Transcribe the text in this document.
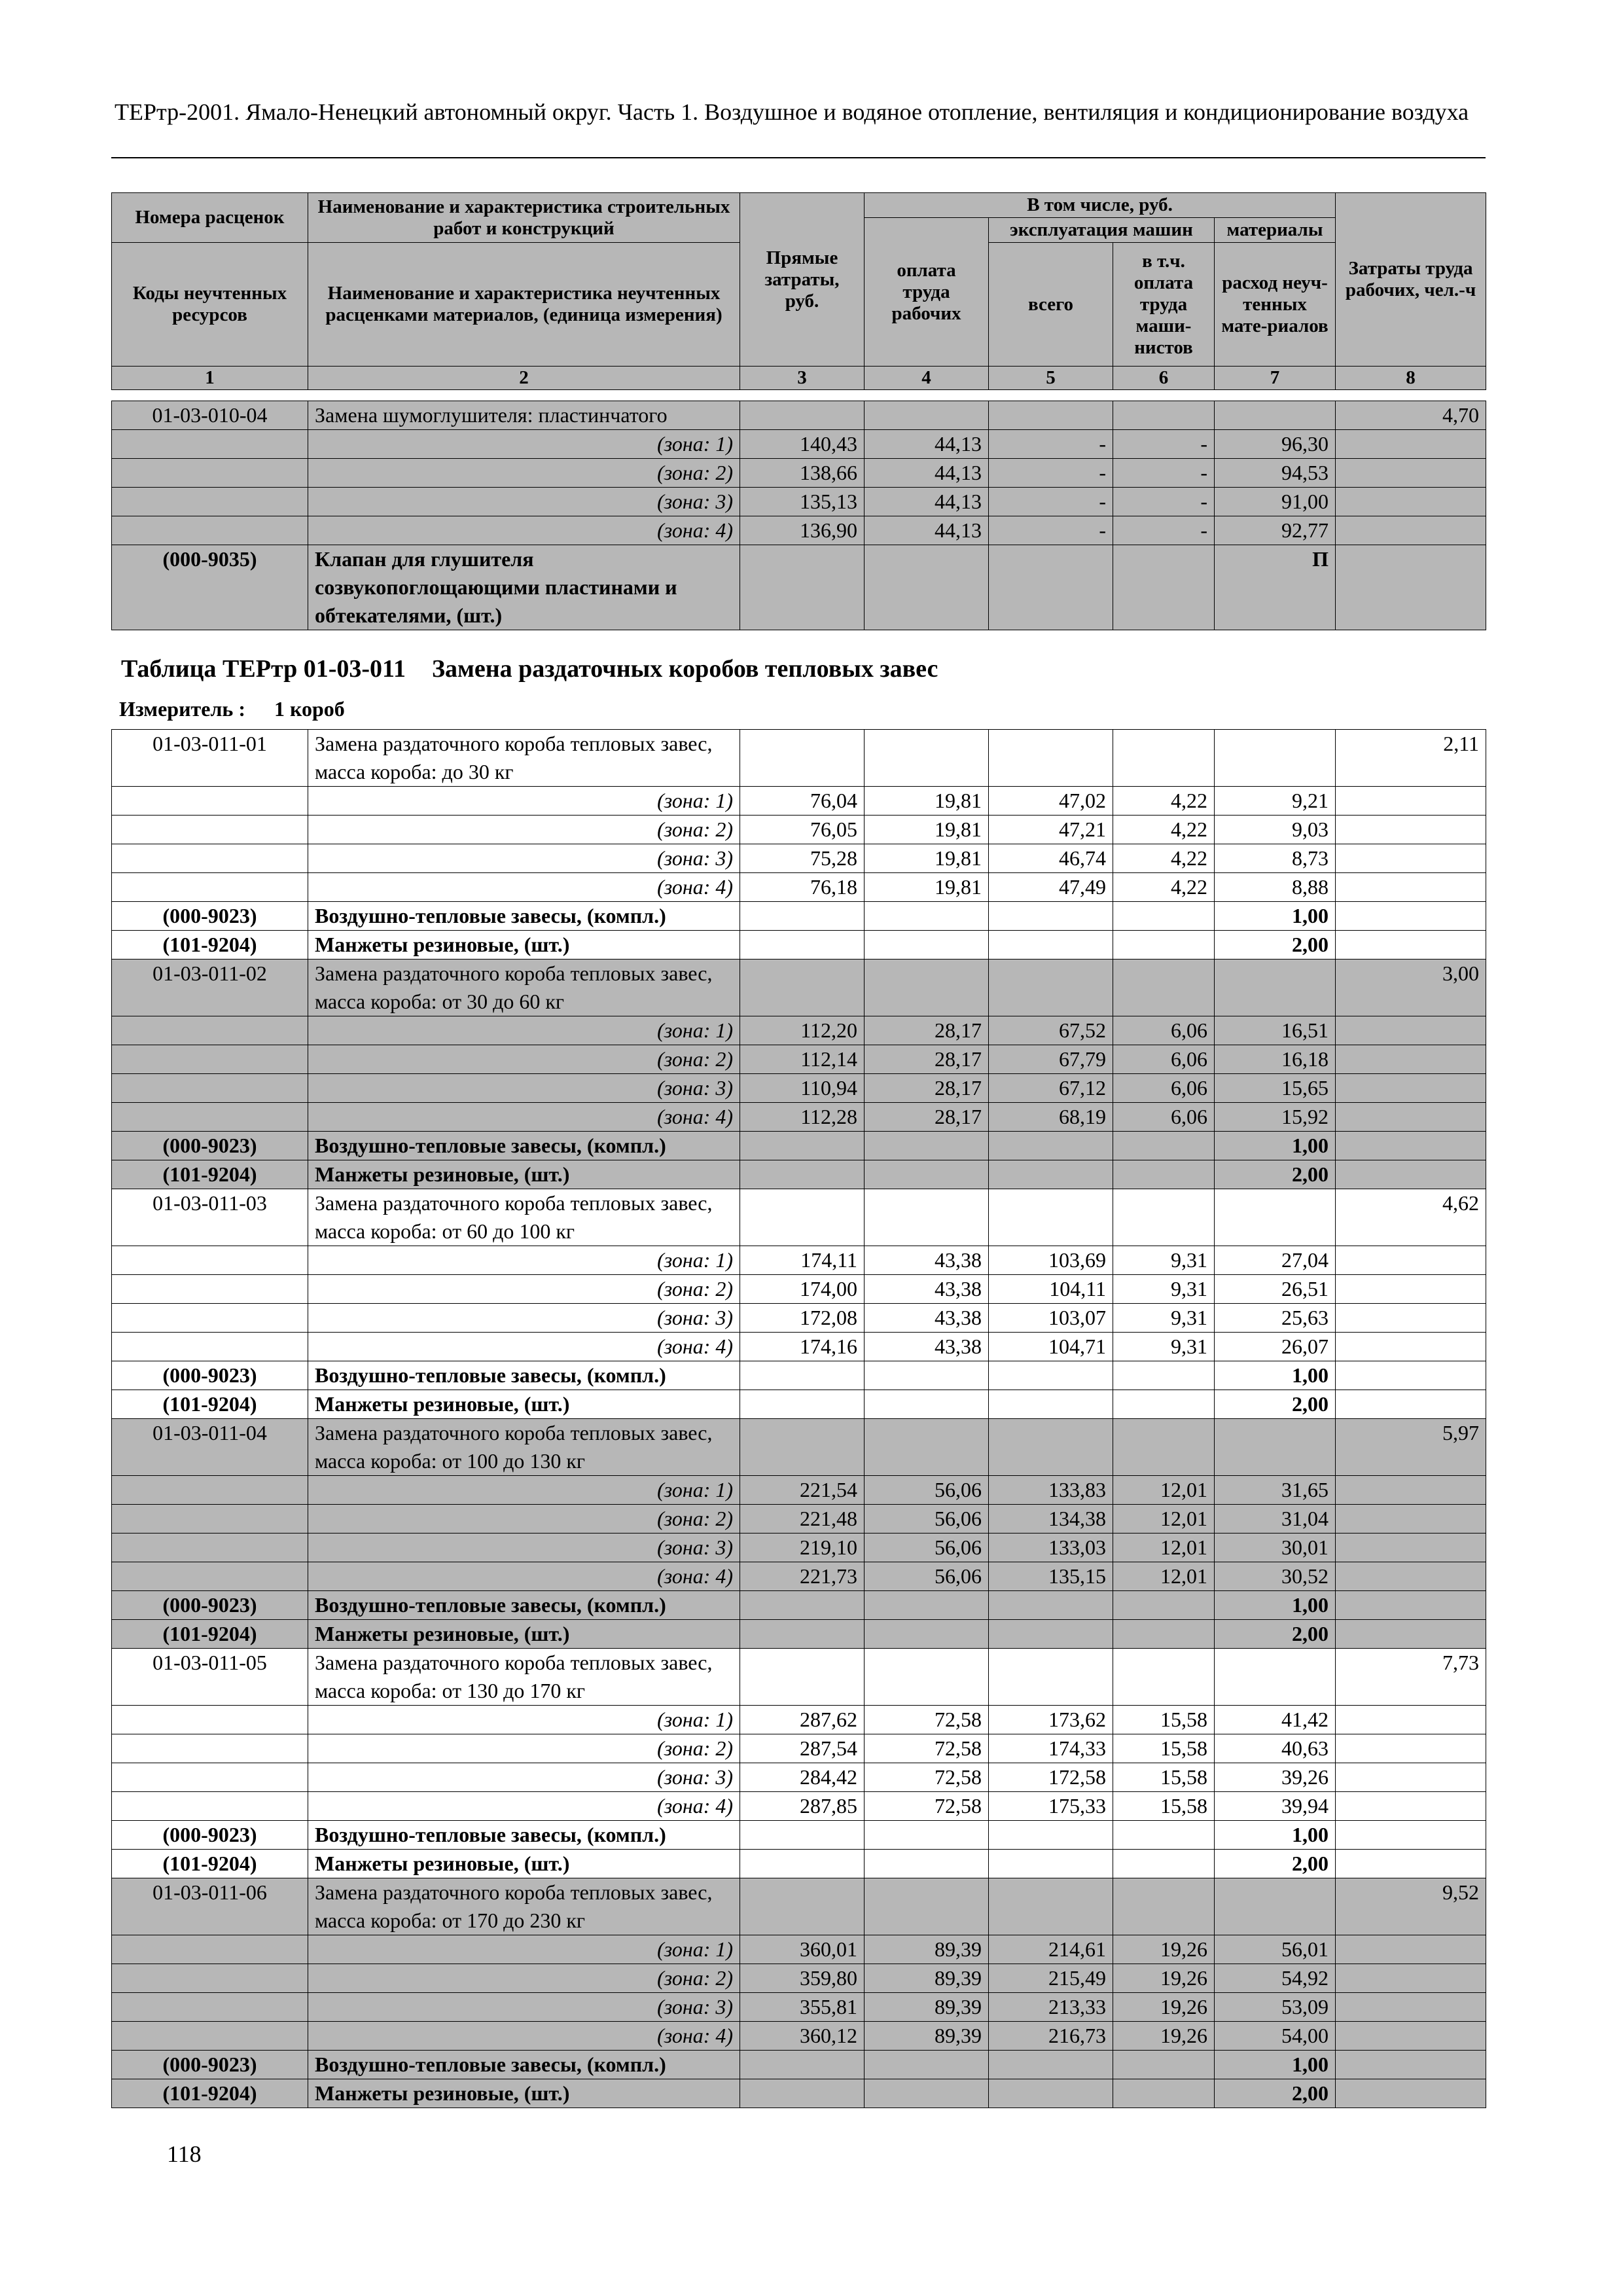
ТЕРтр-2001. Ямало-Ненецкий автономный округ. Часть 1. Воздушное и водяное отопление, вентиляция и кондиционирование воздуха
Номера расценок	Наименование и характеристика строительных работ и конструкций	Прямые затраты, руб.	В том числе, руб.				Затраты труда рабочих, чел.-ч
			оплата труда рабочих	эксплуатация машин		материалы	
Коды неучтенных ресурсов	Наименование и характеристика неучтенных расценками материалов, (единица измерения)			всего	в т.ч. оплата труда маши-нистов	расход неуч-тенных мате-риалов	
1	2	3	4	5	6	7	8
01-03-010-04	Замена шумоглушителя: пластинчатого						4,70

	(зона: 1)	140,43	44,13	-	-	96,30	

	(зона: 2)	138,66	44,13	-	-	94,53	

	(зона: 3)	135,13	44,13	-	-	91,00	

	(зона: 4)	136,90	44,13	-	-	92,77	
(000-9035)	Клапан для глушителя созвукопоглощающими пластинами и обтекателями, (шт.)					П	
Таблица ТЕРтр 01-03-011 Замена раздаточных коробов тепловых завес
Измеритель : 1 короб
01-03-011-01	Замена раздаточного короба тепловых завес, масса короба: до 30 кг						2,11

	(зона: 1)	76,04	19,81	47,02	4,22	9,21	

	(зона: 2)	76,05	19,81	47,21	4,22	9,03	

	(зона: 3)	75,28	19,81	46,74	4,22	8,73	

	(зона: 4)	76,18	19,81	47,49	4,22	8,88	
(000-9023)	Воздушно-тепловые завесы, (компл.)					1,00	
(101-9204)	Манжеты резиновые, (шт.)					2,00	
01-03-011-02	Замена раздаточного короба тепловых завес, масса короба: от 30 до 60 кг						3,00

	(зона: 1)	112,20	28,17	67,52	6,06	16,51	

	(зона: 2)	112,14	28,17	67,79	6,06	16,18	

	(зона: 3)	110,94	28,17	67,12	6,06	15,65	

	(зона: 4)	112,28	28,17	68,19	6,06	15,92	
(000-9023)	Воздушно-тепловые завесы, (компл.)					1,00	
(101-9204)	Манжеты резиновые, (шт.)					2,00	
01-03-011-03	Замена раздаточного короба тепловых завес, масса короба: от 60 до 100 кг						4,62

	(зона: 1)	174,11	43,38	103,69	9,31	27,04	

	(зона: 2)	174,00	43,38	104,11	9,31	26,51	

	(зона: 3)	172,08	43,38	103,07	9,31	25,63	

	(зона: 4)	174,16	43,38	104,71	9,31	26,07	
(000-9023)	Воздушно-тепловые завесы, (компл.)					1,00	
(101-9204)	Манжеты резиновые, (шт.)					2,00	
01-03-011-04	Замена раздаточного короба тепловых завес, масса короба: от 100 до 130 кг						5,97

	(зона: 1)	221,54	56,06	133,83	12,01	31,65	

	(зона: 2)	221,48	56,06	134,38	12,01	31,04	

	(зона: 3)	219,10	56,06	133,03	12,01	30,01	

	(зона: 4)	221,73	56,06	135,15	12,01	30,52	
(000-9023)	Воздушно-тепловые завесы, (компл.)					1,00	
(101-9204)	Манжеты резиновые, (шт.)					2,00	
01-03-011-05	Замена раздаточного короба тепловых завес, масса короба: от 130 до 170 кг						7,73

	(зона: 1)	287,62	72,58	173,62	15,58	41,42	

	(зона: 2)	287,54	72,58	174,33	15,58	40,63	

	(зона: 3)	284,42	72,58	172,58	15,58	39,26	

	(зона: 4)	287,85	72,58	175,33	15,58	39,94	
(000-9023)	Воздушно-тепловые завесы, (компл.)					1,00	
(101-9204)	Манжеты резиновые, (шт.)					2,00	
01-03-011-06	Замена раздаточного короба тепловых завес, масса короба: от 170 до 230 кг						9,52

	(зона: 1)	360,01	89,39	214,61	19,26	56,01	

	(зона: 2)	359,80	89,39	215,49	19,26	54,92	

	(зона: 3)	355,81	89,39	213,33	19,26	53,09	

	(зона: 4)	360,12	89,39	216,73	19,26	54,00	
(000-9023)	Воздушно-тепловые завесы, (компл.)					1,00	
(101-9204)	Манжеты резиновые, (шт.)					2,00	
118
